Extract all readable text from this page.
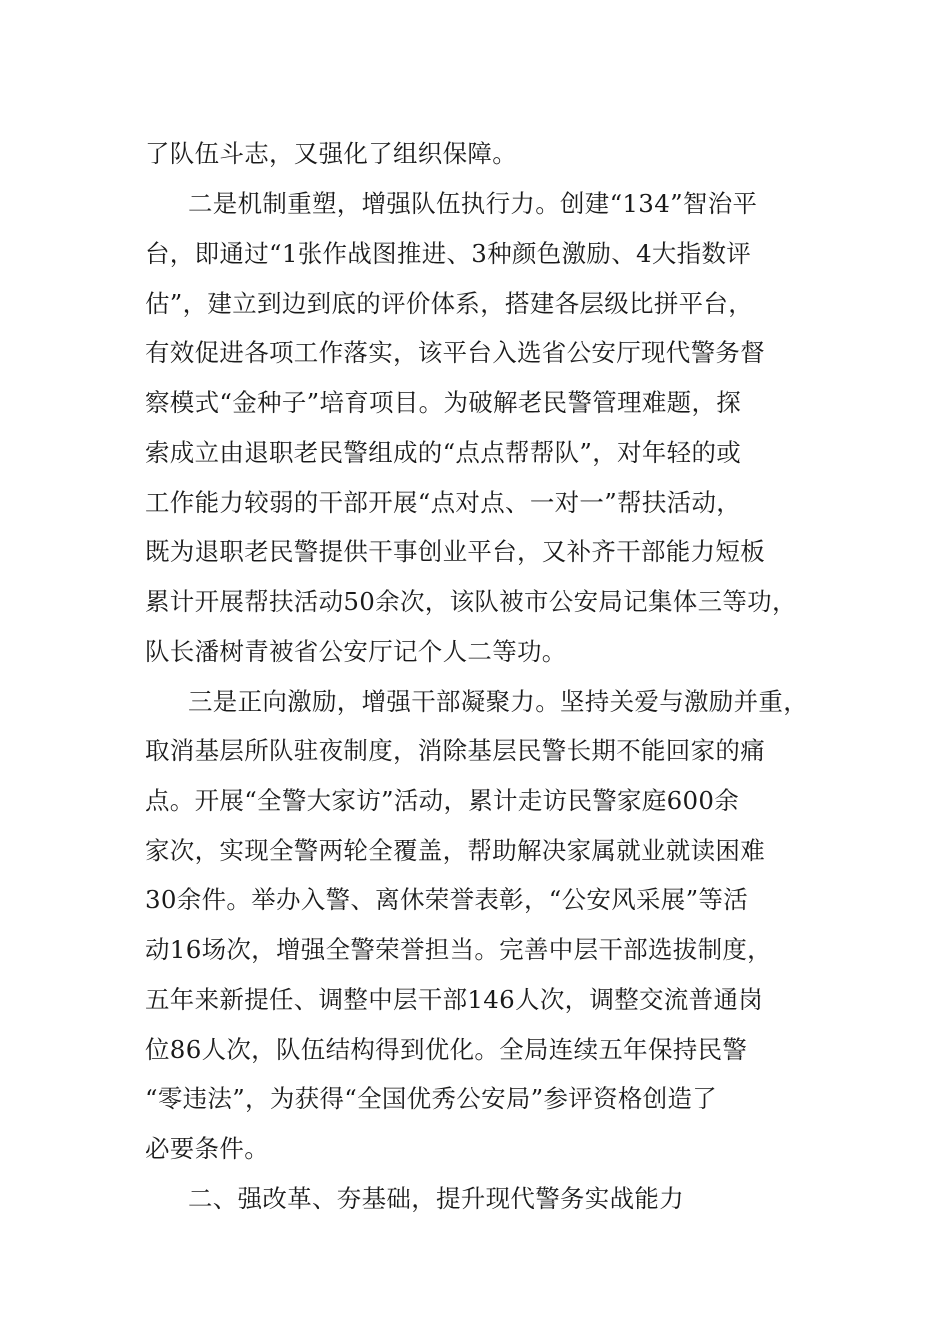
了队伍斗志，又强化了组织保障。
二是机制重塑，增强队伍执行力。创建“134”智治平
台，即通过“1张作战图推进、3种颜色激励、4大指数评
估”，建立到边到底的评价体系，搭建各层级比拼平台，
有效促进各项工作落实，该平台入选省公安厅现代警务督
察模式“金种子”培育项目。为破解老民警管理难题，探
索成立由退职老民警组成的“点点帮帮队”，对年轻的或
工作能力较弱的干部开展“点对点、一对一”帮扶活动，
既为退职老民警提供干事创业平台，又补齐干部能力短板
累计开展帮扶活动50余次，该队被市公安局记集体三等功，
队长潘树青被省公安厅记个人二等功。
三是正向激励，增强干部凝聚力。坚持关爱与激励并重，
取消基层所队驻夜制度，消除基层民警长期不能回家的痛
点。开展“全警大家访”活动，累计走访民警家庭600余
家次，实现全警两轮全覆盖，帮助解决家属就业就读困难
30余件。举办入警、离休荣誉表彰，“公安风采展”等活
动16场次，增强全警荣誉担当。完善中层干部选拔制度，
五年来新提任、调整中层干部146人次，调整交流普通岗
位86人次，队伍结构得到优化。全局连续五年保持民警
“零违法”，为获得“全国优秀公安局”参评资格创造了
必要条件。
二、强改革、夯基础，提升现代警务实战能力
